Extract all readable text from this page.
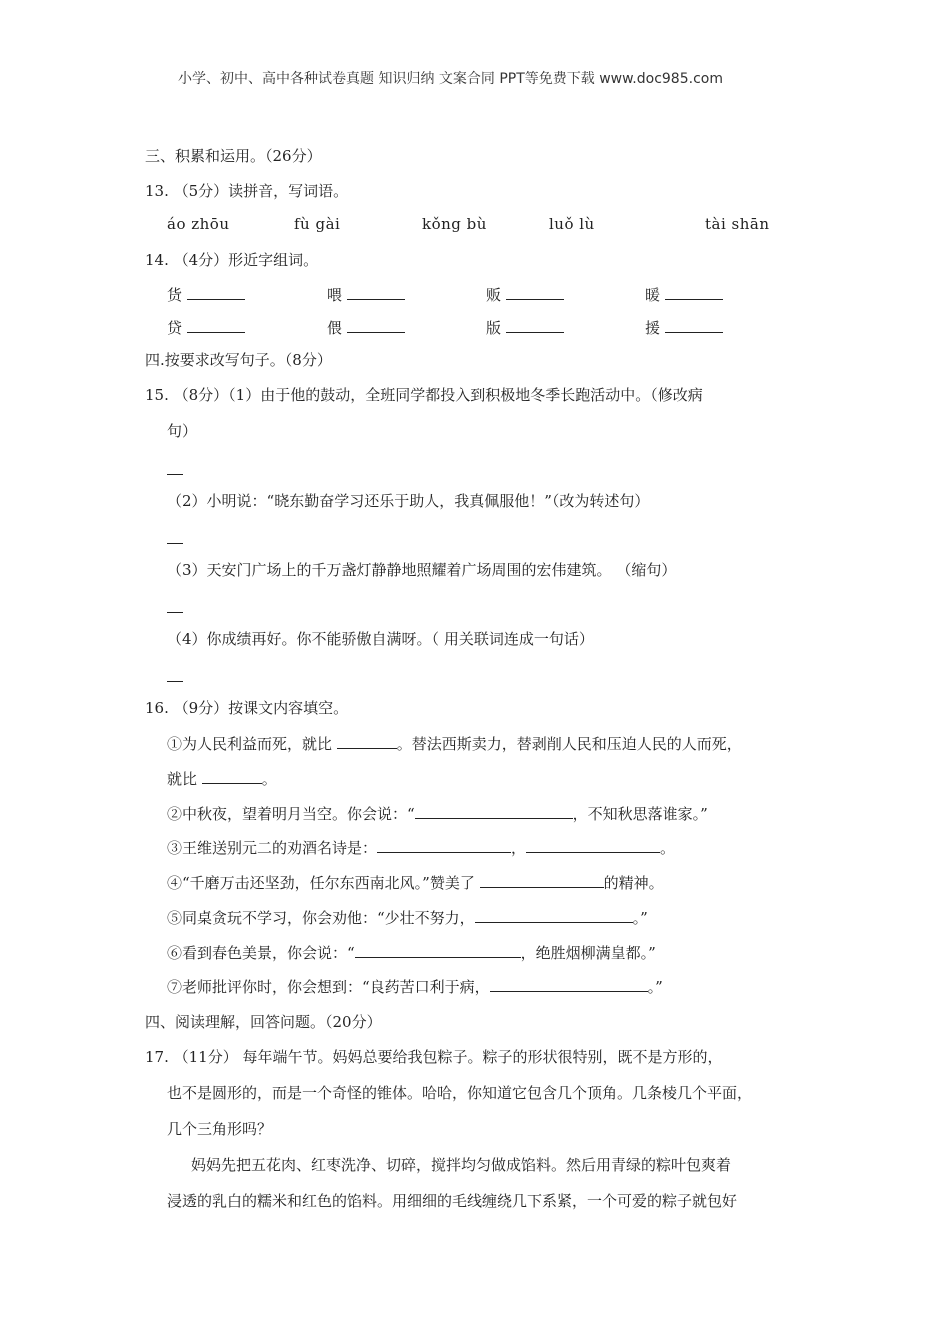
小学、初中、高中各种试卷真题 知识归纳 文案合同 PPT等免费下载 www.doc985.com
三、积累和运用。（26分）
13. （5分）读拼音，写词语。
áo zhōu	fù gài	kǒng bù	luǒ lù	tài shān
14. （4分）形近字组词。
货	喂	贩	暖
贷	偎	版	援
四.按要求改写句子。（8分）
15. （8分）（1）由于他的鼓动，全班同学都投入到积极地冬季长跑活动中。（修改病
句）
（2）小明说：“晓东勤奋学习还乐于助人，我真佩服他！”（改为转述句）
（3）天安门广场上的千万盏灯静静地照耀着广场周围的宏伟建筑。 （缩句）
（4）你成绩再好。你不能骄傲自满呀。（ 用关联词连成一句话）
16. （9分）按课文内容填空。
①为人民利益而死，就比	。替法西斯卖力，替剥削人民和压迫人民的人而死，
就比	。
②中秋夜，望着明月当空。你会说：“	，不知秋思落谁家。”
③王维送别元二的劝酒名诗是：	，	。
④“千磨万击还坚劲，任尔东西南北风。”赞美了	的精神。
⑤同桌贪玩不学习，你会劝他：“少壮不努力，	。”
⑥看到春色美景，你会说：“	，绝胜烟柳满皇都。”
⑦老师批评你时，你会想到：“良药苦口利于病，	。”
四、阅读理解，回答问题。（20分）
17. （11分） 每年端午节。妈妈总要给我包粽子。粽子的形状很特别，既不是方形的，
也不是圆形的，而是一个奇怪的锥体。哈哈，你知道它包含几个顶角。几条棱几个平面，
几个三角形吗？
妈妈先把五花肉、红枣洗净、切碎，搅拌均匀做成馅料。然后用青绿的粽叶包爽着
浸透的乳白的糯米和红色的馅料。用细细的毛线缠绕几下系紧，一个可爱的粽子就包好
